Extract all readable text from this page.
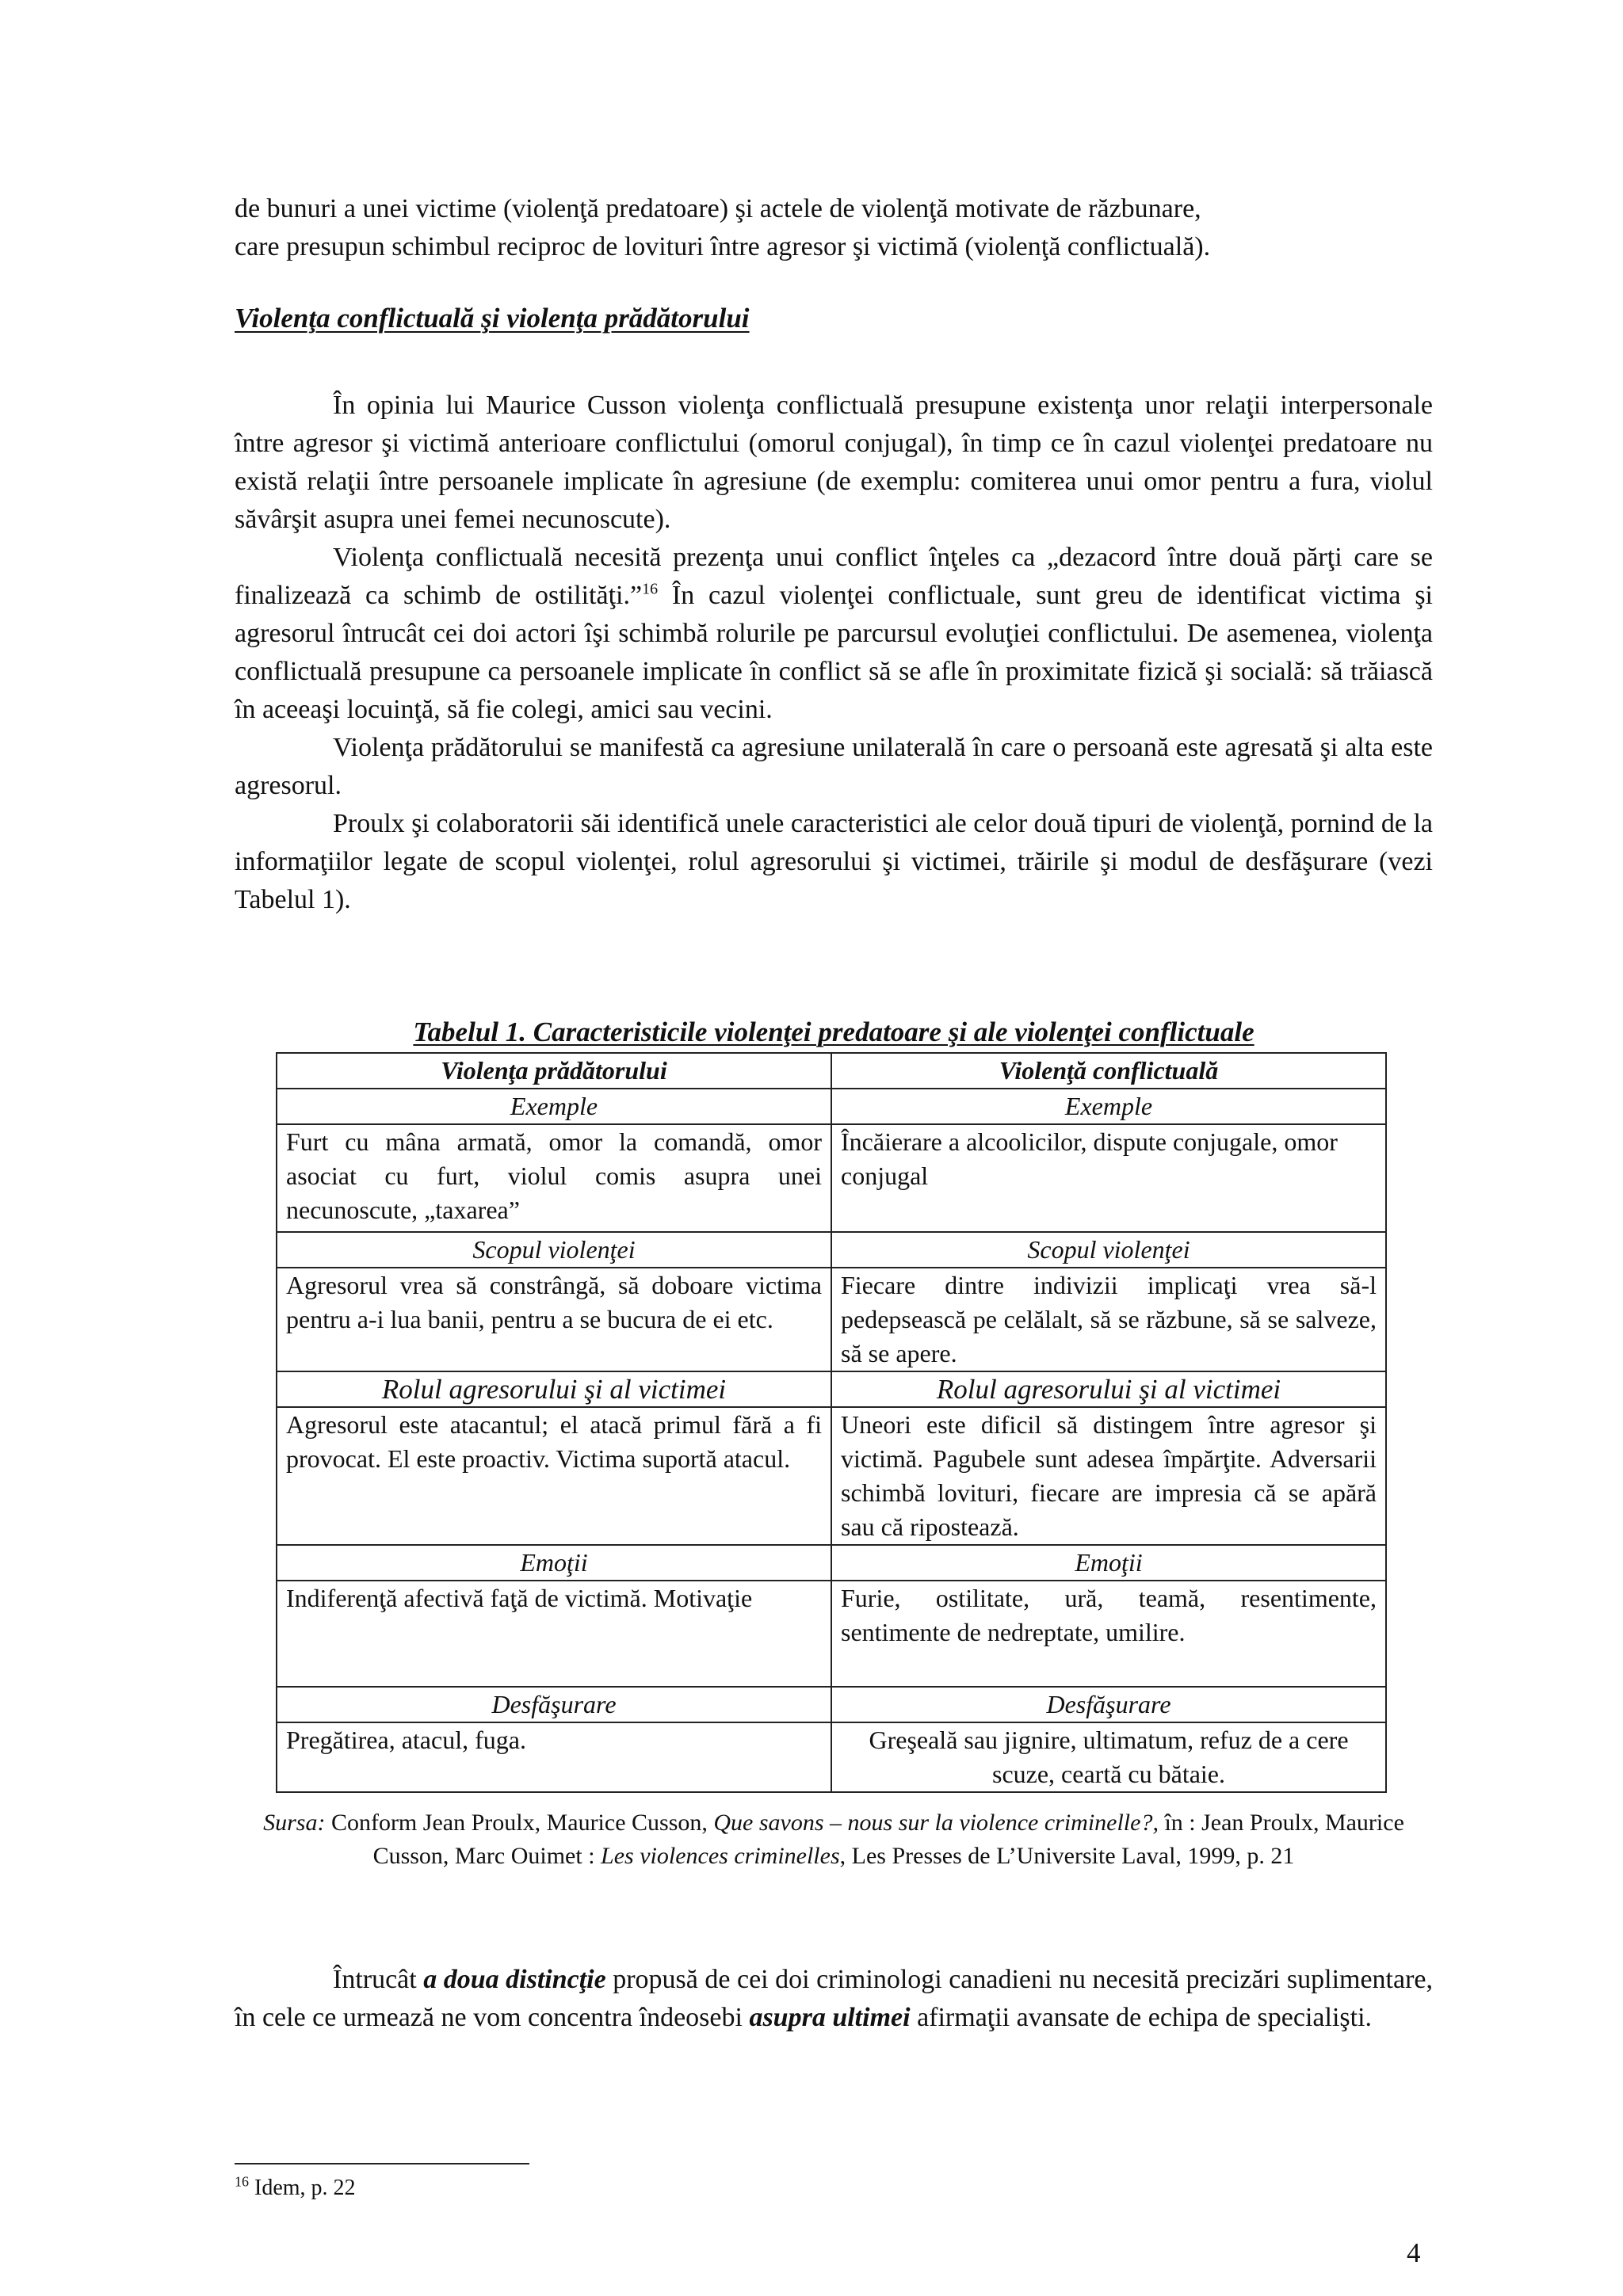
de bunuri a unei victime (violenţă predatoare) şi actele de violenţă motivate de răzbunare,
care presupun schimbul reciproc de lovituri între agresor şi victimă (violenţă conflictuală).
Violenţa conflictuală şi violenţa prădătorului

În opinia lui Maurice Cusson violenţa conflictuală presupune existenţa unor relaţii interpersonale între agresor şi victimă anterioare conflictului (omorul conjugal), în timp ce în cazul violenţei predatoare nu există relaţii între persoanele implicate în agresiune (de exemplu: comiterea unui omor pentru a fura, violul săvârşit asupra unei femei necunoscute).

Violenţa conflictuală necesită prezenţa unui conflict înţeles ca „dezacord între două părţi care se finalizează ca schimb de ostilităţi.”$^{16}$ În cazul violenţei conflictuale, sunt greu de identificat victima şi agresorul întrucât cei doi actori îşi schimbă rolurile pe parcursul evoluţiei conflictului. De asemenea, violenţa conflictuală presupune ca persoanele implicate în conflict să se afle în proximitate fizică şi socială: să trăiască în aceeaşi locuinţă, să fie colegi, amici sau vecini.

Violenţa prădătorului se manifestă ca agresiune unilaterală în care o persoană este agresată şi alta este agresorul.

Proulx şi colaboratorii săi identifică unele caracteristici ale celor două tipuri de violenţă, pornind de la informaţiilor legate de scopul violenţei, rolul agresorului şi victimei, trăirile şi modul de desfăşurare (vezi Tabelul 1).

Tabelul 1. Caracteristicile violenţei predatoare şi ale violenţei conflictuale
Violenţa prădătorului	Violenţă conflictuală
Exemple	Exemple
Furt cu mâna armată, omor la comandă, omor asociat cu furt, violul comis asupra unei necunoscute, „taxarea”	Încăierare a alcoolicilor, dispute conjugale, omor conjugal
Scopul violenţei	Scopul violenţei
Agresorul vrea să constrângă, să doboare victima pentru a-i lua banii, pentru a se bucura de ei etc.	Fiecare dintre indivizii implicaţi vrea să-l pedepsească pe celălalt, să se răzbune, să se salveze, să se apere.
Rolul agresorului şi al victimei	Rolul agresorului şi al victimei
Agresorul este atacantul; el atacă primul fără a fi provocat. El este proactiv. Victima suportă atacul.	Uneori este dificil să distingem între agresor şi victimă. Pagubele sunt adesea împărţite. Adversarii schimbă lovituri, fiecare are impresia că se apără sau că ripostează.
Emoţii	Emoţii
Indiferenţă afectivă faţă de victimă. Motivaţie	Furie, ostilitate, ură, teamă, resentimente, sentimente de nedreptate, umilire.
Desfăşurare	Desfăşurare
Pregătirea, atacul, fuga.	Greşeală sau jignire, ultimatum, refuz de a cere scuze, ceartă cu bătaie.
Sursa: Conform Jean Proulx, Maurice Cusson, Que savons – nous sur la violence criminelle?, în : Jean Proulx, Maurice Cusson, Marc Ouimet : Les violences criminelles, Les Presses de L’Universite Laval, 1999, p. 21

Întrucât a doua distincţie propusă de cei doi criminologi canadieni nu necesită precizări suplimentare, în cele ce urmează ne vom concentra îndeosebi asupra ultimei afirmaţii avansate de echipa de specialişti.

$^{16}$ Idem, p. 22
4
